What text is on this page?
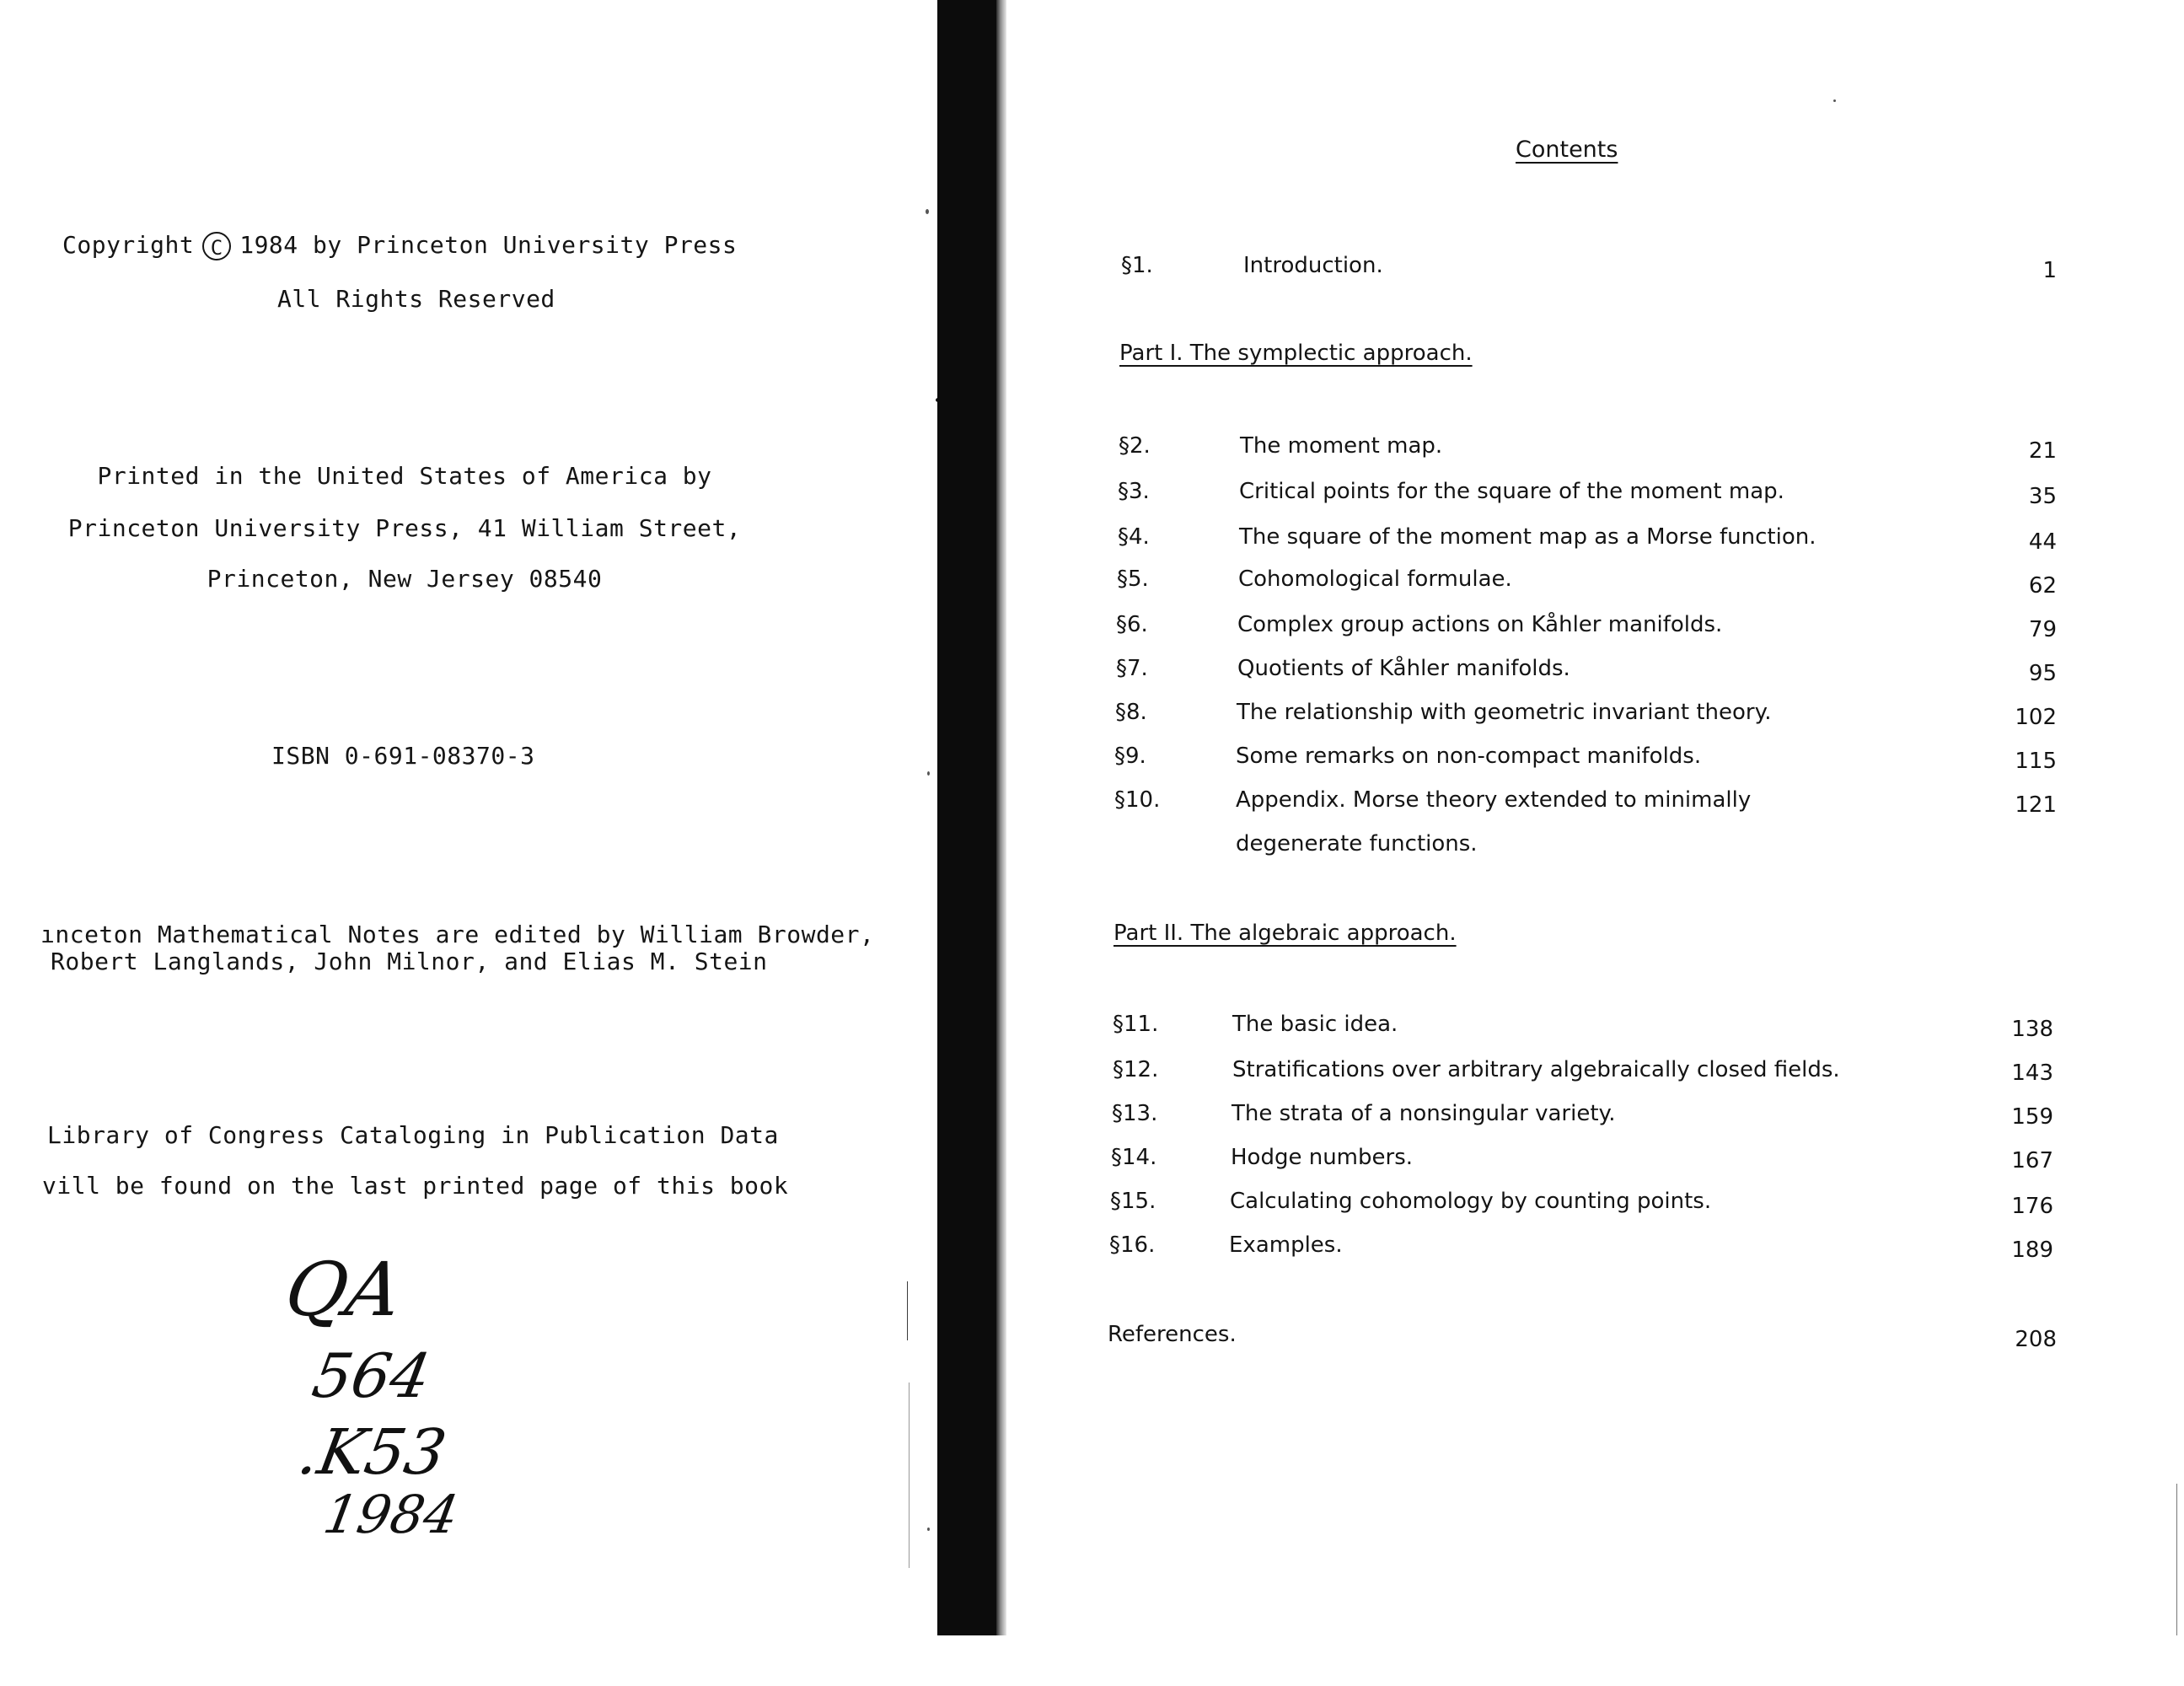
Copyright C 1984 by Princeton University Press
All Rights Reserved
Printed in the United States of America by
Princeton University Press, 41 William Street,
Princeton, New Jersey 08540
ISBN 0-691-08370-3
ınceton Mathematical Notes are edited by William Browder,
Robert Langlands, John Milnor, and Elias M. Stein
Library of Congress Cataloging in Publication Data
vill be found on the last printed page of this book
QA
564
.K53
1984
Contents
§1.	Introduction.	1
Part I. The symplectic approach.
§2.	The moment map.	21
§3.	Critical points for the square of the moment map.	35
§4.	The square of the moment map as a Morse function.	44
§5.	Cohomological formulae.	62
§6.	Complex group actions on Kåhler manifolds.	79
§7.	Quotients of Kåhler manifolds.	95
§8.	The relationship with geometric invariant theory.	102
§9.	Some remarks on non-compact manifolds.	115
§10.	Appendix. Morse theory extended to minimally	121
degenerate functions.
Part II. The algebraic approach.
§11.	The basic idea.	138
§12.	Stratifications over arbitrary algebraically closed fields.	143
§13.	The strata of a nonsingular variety.	159
§14.	Hodge numbers.	167
§15.	Calculating cohomology by counting points.	176
§16.	Examples.	189
References.	208
